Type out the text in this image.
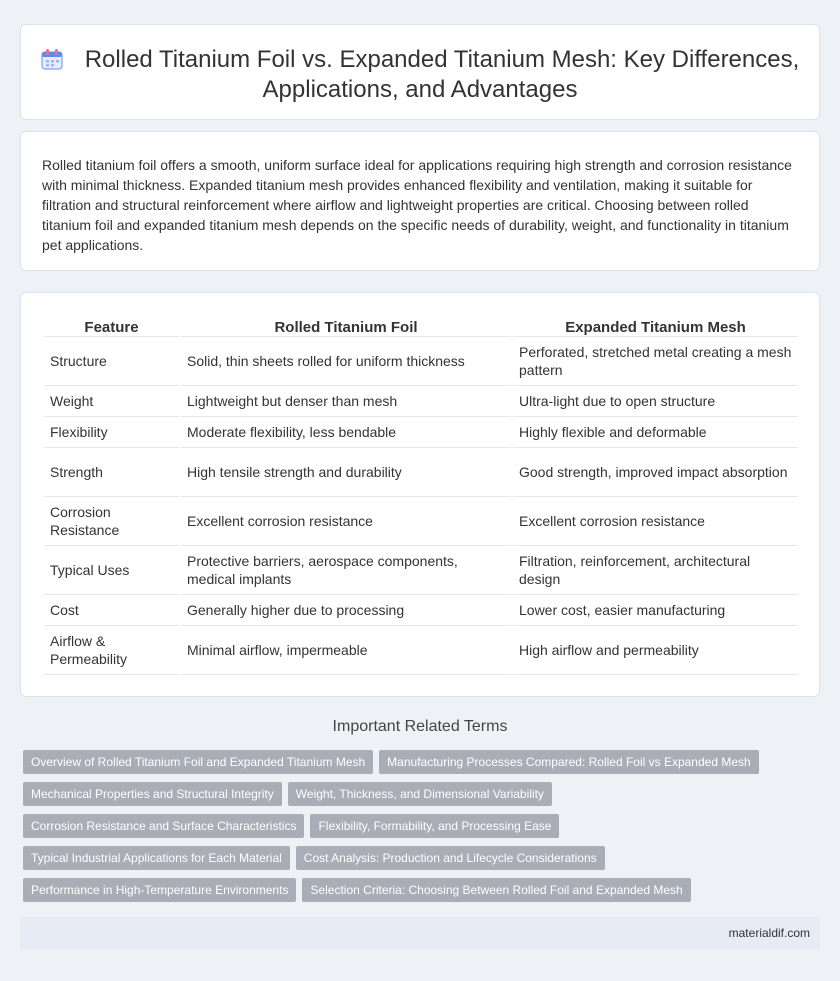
Rolled Titanium Foil vs. Expanded Titanium Mesh: Key Differences, Applications, and Advantages

Rolled titanium foil offers a smooth, uniform surface ideal for applications requiring high strength and corrosion resistance with minimal thickness. Expanded titanium mesh provides enhanced flexibility and ventilation, making it suitable for filtration and structural reinforcement where airflow and lightweight properties are critical. Choosing between rolled titanium foil and expanded titanium mesh depends on the specific needs of durability, weight, and functionality in titanium pet applications.

Feature	Rolled Titanium Foil	Expanded Titanium Mesh
Structure	Solid, thin sheets rolled for uniform thickness	Perforated, stretched metal creating a mesh pattern
Weight	Lightweight but denser than mesh	Ultra-light due to open structure
Flexibility	Moderate flexibility, less bendable	Highly flexible and deformable
Strength	High tensile strength and durability	Good strength, improved impact absorption
Corrosion Resistance	Excellent corrosion resistance	Excellent corrosion resistance
Typical Uses	Protective barriers, aerospace components, medical implants	Filtration, reinforcement, architectural design
Cost	Generally higher due to processing	Lower cost, easier manufacturing
Airflow & Permeability	Minimal airflow, impermeable	High airflow and permeability
Important Related Terms
Overview of Rolled Titanium Foil and Expanded Titanium Mesh	Manufacturing Processes Compared: Rolled Foil vs Expanded Mesh
Mechanical Properties and Structural Integrity	Weight, Thickness, and Dimensional Variability
Corrosion Resistance and Surface Characteristics	Flexibility, Formability, and Processing Ease
Typical Industrial Applications for Each Material	Cost Analysis: Production and Lifecycle Considerations
Performance in High-Temperature Environments	Selection Criteria: Choosing Between Rolled Foil and Expanded Mesh
materialdif.com
